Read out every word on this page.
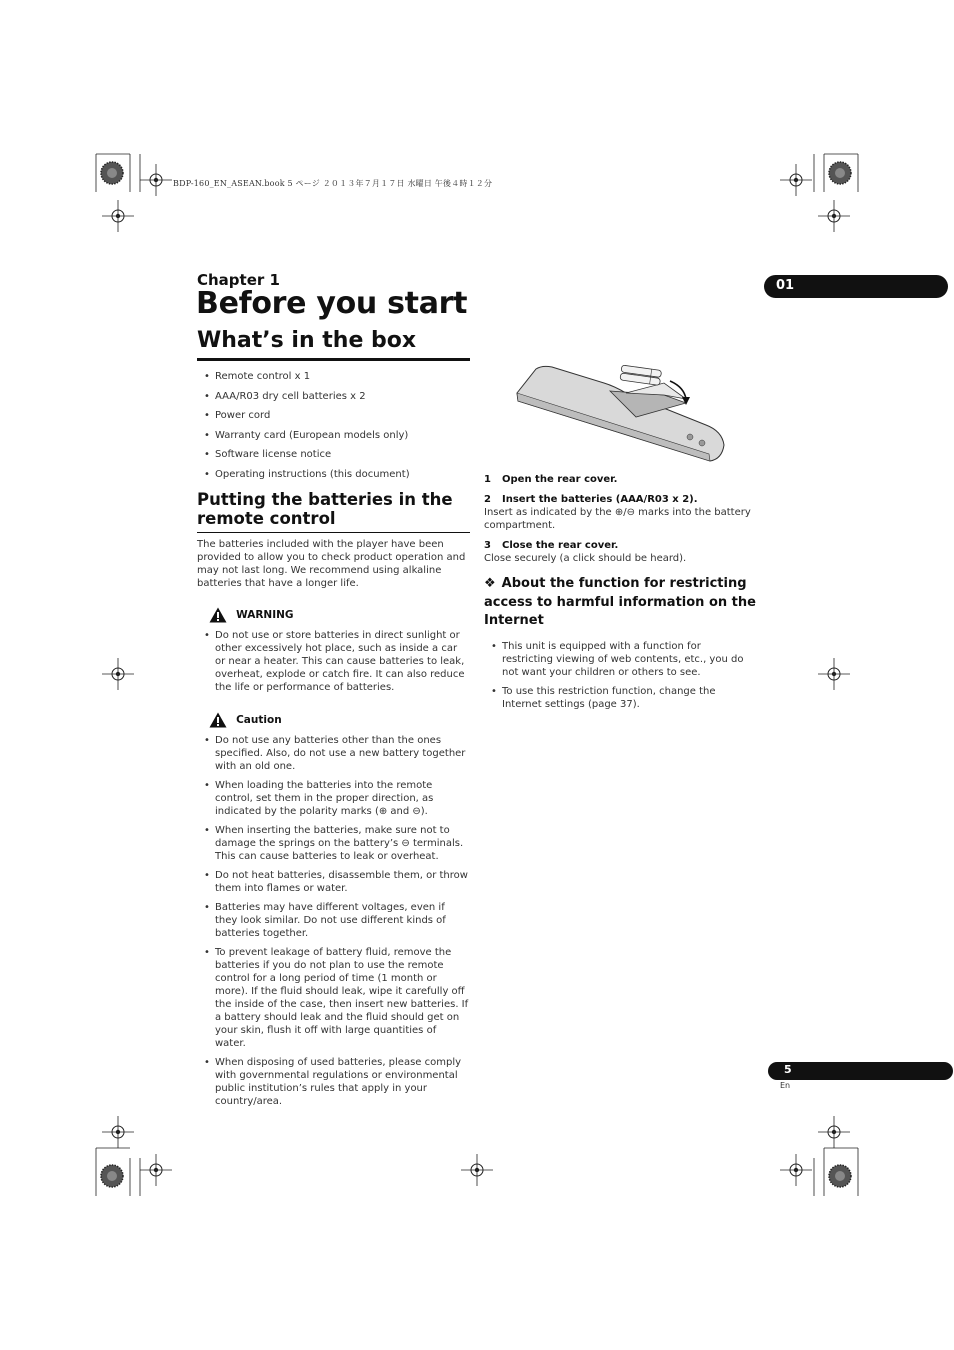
BDP-160_EN_ASEAN.book 5 ページ ２０１３年７月１７日 水曜日 午後４時１２分
01
Chapter 1
Before you start
What’s in the box
• Remote control x 1
• AAA/R03 dry cell batteries x 2
• Power cord
• Warranty card (European models only)
• Software license notice
• Operating instructions (this document)
Putting the batteries in the remote control
The batteries included with the player have been provided to allow you to check product operation and may not last long. We recommend using alkaline batteries that have a longer life.
WARNING
• Do not use or store batteries in direct sunlight or other excessively hot place, such as inside a car or near a heater. This can cause batteries to leak, overheat, explode or catch fire. It can also reduce the life or performance of batteries.
Caution
• Do not use any batteries other than the ones specified. Also, do not use a new battery together with an old one.
• When loading the batteries into the remote control, set them in the proper direction, as indicated by the polarity marks (⊕ and ⊖).
• When inserting the batteries, make sure not to damage the springs on the battery’s ⊖ terminals. This can cause batteries to leak or overheat.
• Do not heat batteries, disassemble them, or throw them into flames or water.
• Batteries may have different voltages, even if they look similar. Do not use different kinds of batteries together.
• To prevent leakage of battery fluid, remove the batteries if you do not plan to use the remote control for a long period of time (1 month or more). If the fluid should leak, wipe it carefully off the inside of the case, then insert new batteries. If a battery should leak and the fluid should get on your skin, flush it off with large quantities of water.
• When disposing of used batteries, please comply with governmental regulations or environmental public institution’s rules that apply in your country/area.
1 Open the rear cover.
2 Insert the batteries (AAA/R03 x 2).
Insert as indicated by the ⊕/⊖ marks into the battery compartment.
3 Close the rear cover.
Close securely (a click should be heard).
❖ About the function for restricting access to harmful information on the Internet
• This unit is equipped with a function for restricting viewing of web contents, etc., you do not want your children or others to see.
• To use this restriction function, change the Internet settings (page 37).
5
En
